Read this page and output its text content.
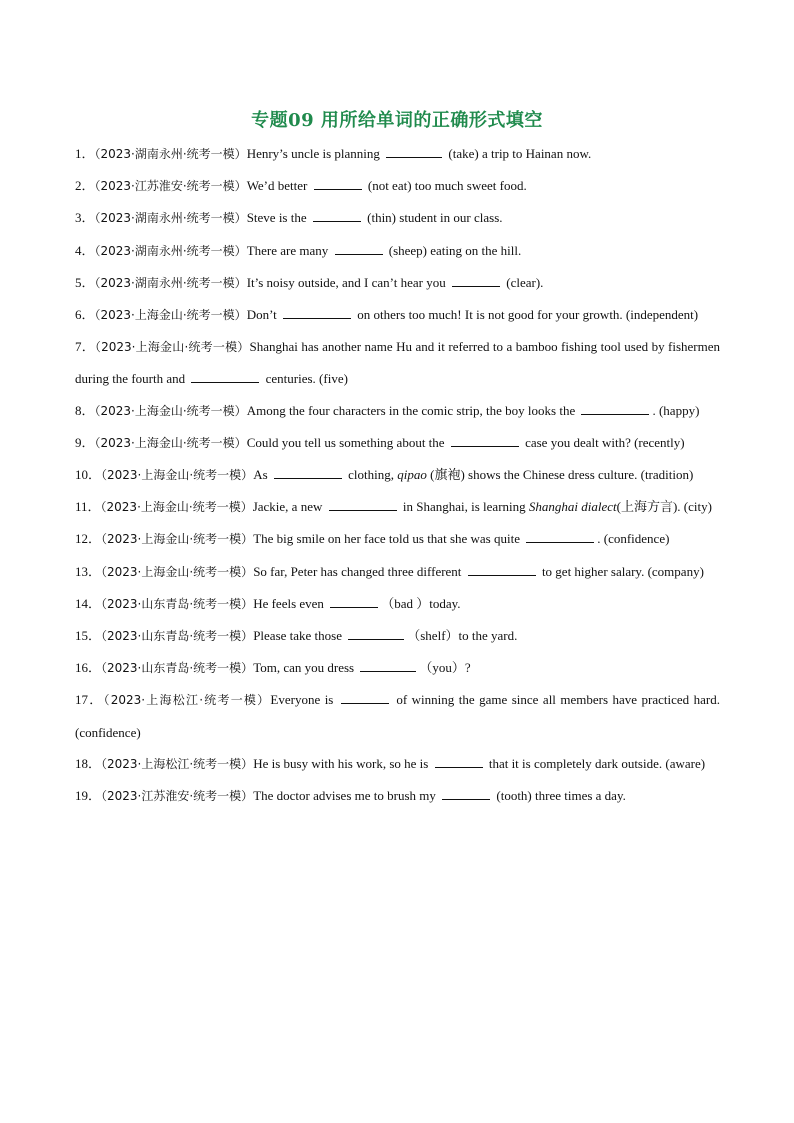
专题09 用所给单词的正确形式填空
1．（2023·湖南永州·统考一模）Henry’s uncle is planning	(take) a trip to Hainan now.
2．（2023·江苏淮安·统考一模）We’d better	(not eat) too much sweet food.
3．（2023·湖南永州·统考一模）Steve is the	(thin) student in our class.
4．（2023·湖南永州·统考一模）There are many	(sheep) eating on the hill.
5．（2023·湖南永州·统考一模）It’s noisy outside, and I can’t hear you	(clear).
6．（2023·上海金山·统考一模）Don’t	on others too much! It is not good for your growth. (independent)
7．（2023·上海金山·统考一模）Shanghai has another name Hu and it referred to a bamboo fishing tool used by fishermen during the fourth and	centuries. (five)
8．（2023·上海金山·统考一模）Among the four characters in the comic strip, the boy looks the	. (happy)
9．（2023·上海金山·统考一模）Could you tell us something about the	case you dealt with? (recently)
10．（2023·上海金山·统考一模）As	clothing, qipao (旗袍) shows the Chinese dress culture. (tradition)
11．（2023·上海金山·统考一模）Jackie, a new	in Shanghai, is learning Shanghai dialect(上海方言). (city)
12．（2023·上海金山·统考一模）The big smile on her face told us that she was quite	. (confidence)
13．（2023·上海金山·统考一模）So far, Peter has changed three different	to get higher salary. (company)
14．（2023·山东青岛·统考一模）He feels even	（bad ）today.
15．（2023·山东青岛·统考一模）Please take those	（shelf）to the yard.
16．（2023·山东青岛·统考一模）Tom, can you dress	（you）?
17．（2023·上海松江·统考一模）Everyone is	of winning the game since all members have practiced hard. (confidence)
18．（2023·上海松江·统考一模）He is busy with his work, so he is	that it is completely dark outside. (aware)
19．（2023·江苏淮安·统考一模）The doctor advises me to brush my	(tooth) three times a day.
